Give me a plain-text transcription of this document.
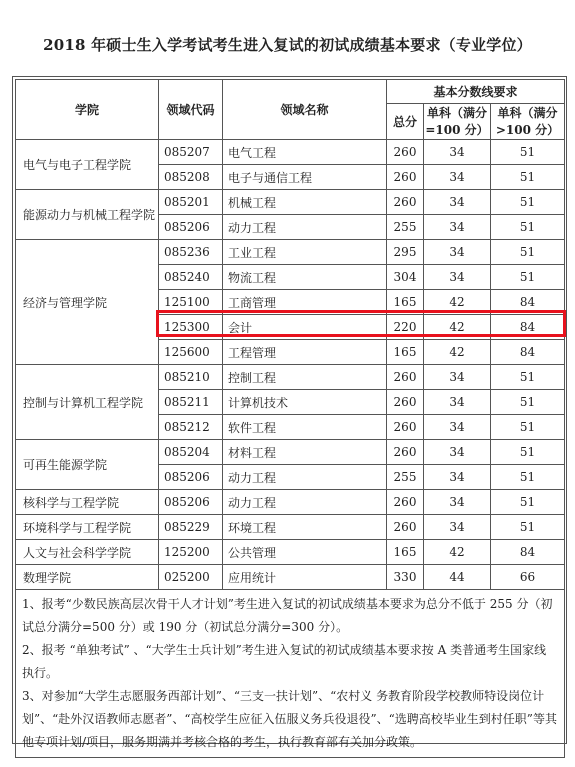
2018 年硕士生入学考试考生进入复试的初试成绩基本要求（专业学位）
学院	领域代码	领域名称	基本分数线要求		
			总分	单科（满分=100 分）	单科（满分>100 分）
电气与电子工程学院	085207	电气工程	260	34	51
	085208	电子与通信工程	260	34	51
能源动力与机械工程学院	085201	机械工程	260	34	51
	085206	动力工程	255	34	51
经济与管理学院	085236	工业工程	295	34	51
	085240	物流工程	304	34	51
	125100	工商管理	165	42	84
	125300	会计	220	42	84
	125600	工程管理	165	42	84
控制与计算机工程学院	085210	控制工程	260	34	51
	085211	计算机技术	260	34	51
	085212	软件工程	260	34	51
可再生能源学院	085204	材料工程	260	34	51
	085206	动力工程	255	34	51
核科学与工程学院	085206	动力工程	260	34	51
环境科学与工程学院	085229	环境工程	260	34	51
人文与社会科学学院	125200	公共管理	165	42	84
数理学院	025200	应用统计	330	44	66

1、报考“少数民族高层次骨干人才计划”考生进入复试的初试成绩基本要求为总分不低于 255 分（初试总分满分=500 分）或 190 分（初试总分满分=300 分）。
2、报考 “单独考试” 、“大学生士兵计划”考生进入复试的初试成绩基本要求按 A 类普通考生国家线执行。
3、对参加“大学生志愿服务西部计划”、“三支一扶计划”、“农村义 务教育阶段学校教师特设岗位计划”、“赴外汉语教师志愿者”、“高校学生应征入伍服义务兵役退役”、“选聘高校毕业生到村任职”等其他专项计划/项目，服务期满并考核合格的考生，执行教育部有关加分政策。					
